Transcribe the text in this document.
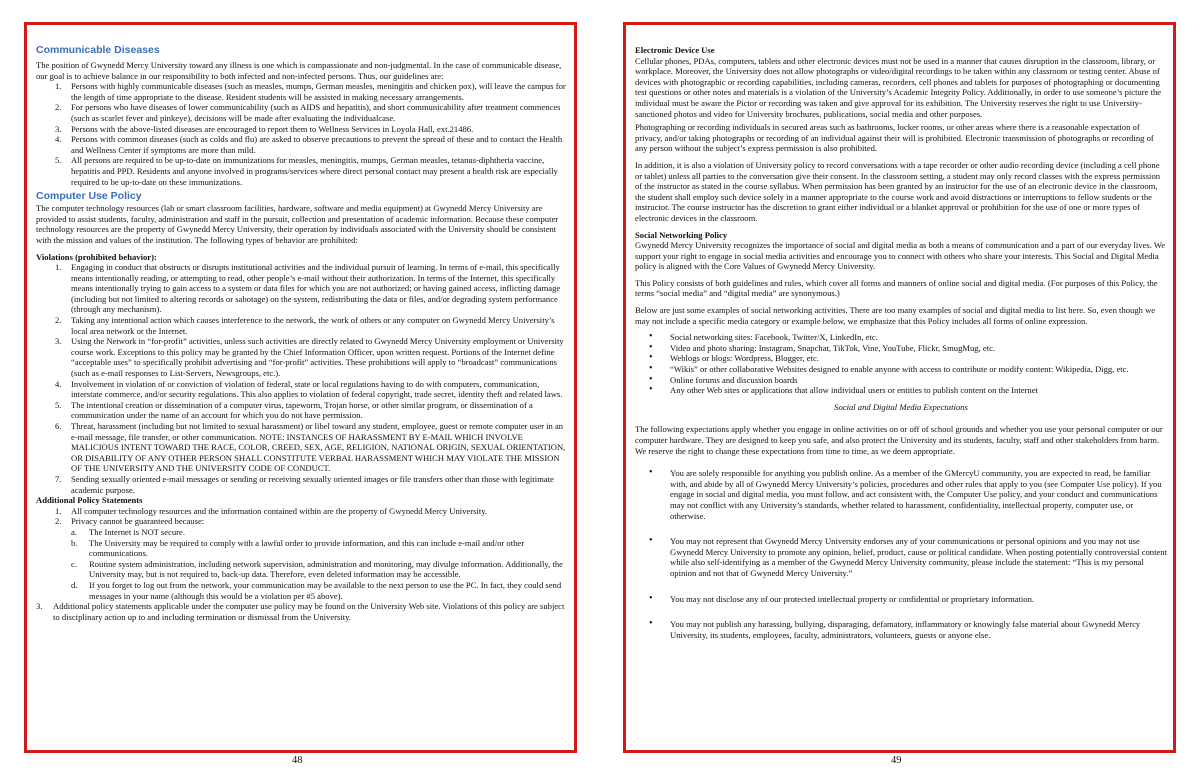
Communicable Diseases

The position of Gwynedd Mercy University toward any illness is one which is compassionate and non-judgmental. In the case of communicable disease, our goal is to achieve balance in our responsibility to both infected and non-infected persons. Thus, our guidelines are:

1. Persons with highly communicable diseases (such as measles, mumps, German measles, meningitis and chicken pox), will leave the campus for the length of time appropriate to the disease. Resident students will be assisted in making necessary arrangements.
2. For persons who have diseases of lower communicability (such as AIDS and hepatitis), and short communicability after treatment commences (such as scarlet fever and pinkeye), decisions will be made after evaluating the individualcase.
3. Persons with the above-listed diseases are encouraged to report them to Wellness Services in Loyola Hall, ext.21486.
4. Persons with common diseases (such as colds and flu) are asked to observe precautions to prevent the spread of these and to contact the Health and Wellness Center if symptoms are more than mild.
5. All persons are required to be up-to-date on immunizations for measles, meningitis, mumps, German measles, tetanus-diphtheria vaccine, hepatitis and PPD. Residents and anyone involved in programs/services where direct personal contact may present a health risk are especially required to be up-to-date on these immunizations.
Computer Use Policy

The computer technology resources (lab or smart classroom facilities, hardware, software and media equipment) at Gwynedd Mercy University are provided to assist students, faculty, administration and staff in the pursuit, collection and presentation of academic information. Because these computer technology resources are the property of Gwynedd Mercy University, their operation by individuals associated with the University should be consistent with the mission and values of the institution. The following types of behavior are prohibited:

Violations (prohibited behavior):
1. Engaging in conduct that obstructs or disrupts institutional activities and the individual pursuit of learning. In terms of e-mail, this specifically means intentionally reading, or attempting to read, other people’s e-mail without their authorization. In terms of the Internet, this specifically means intentionally trying to gain access to a system or data files for which you are not authorized; or having gained access, inflicting damage (including but not limited to altering records or sabotage) on the system, redistributing the data or files, and/or degrading system performance (through any mechanism).
2. Taking any intentional action which causes interference to the network, the work of others or any computer on Gwynedd Mercy University’s local area network or the Internet.
3. Using the Network in “for-profit” activities, unless such activities are directly related to Gwynedd Mercy University employment or University course work. Exceptions to this policy may be granted by the Chief Information Officer, upon written request. Portions of the Internet define “acceptable uses” to specifically prohibit advertising and “for-profit” activities. These prohibitions will apply to “broadcast” communications (such as e-mail responses to List-Servers, Newsgroups, etc.).
4. Involvement in violation of or conviction of violation of federal, state or local regulations having to do with computers, communication, interstate commerce, and/or security regulations. This also applies to violation of federal copyright, trade secret, identity theft and related laws.
5. The intentional creation or dissemination of a computer virus, tapeworm, Trojan horse, or other similar program, or dissemination of a communication under the name of an account for which you do not have permission.
6. Threat, harassment (including but not limited to sexual harassment) or libel toward any student, employee, guest or remote computer user in an e-mail message, file transfer, or other communication. NOTE: INSTANCES OF HARASSMENT BY E-MAIL WHICH INVOLVE MALICIOUS INTENT TOWARD THE RACE, COLOR, CREED, SEX, AGE, RELIGION, NATIONAL ORIGIN, SEXUAL ORIENTATION, OR DISABILITY OF ANY OTHER PERSON SHALL CONSTITUTE VERBAL HARASSMENT WHICH MAY VIOLATE THE MISSION OF THE UNIVERSITY AND THE UNIVERSITY CODE OF CONDUCT.
7. Sending sexually oriented e-mail messages or sending or receiving sexually oriented images or file transfers other than those with legitimate academic purpose.
Additional Policy Statements
1. All computer technology resources and the information contained within are the property of Gwynedd Mercy University.
2. Privacy cannot be guaranteed because:
a. The Internet is NOT secure.
b. The University may be required to comply with a lawful order to provide information, and this can include e-mail and/or other communications.
c. Routine system administration, including network supervision, administration and monitoring, may divulge information. Additionally, the University may, but is not required to, back-up data. Therefore, even deleted information may be accessible.
d. If you forget to log out from the network, your communication may be available to the next person to use the PC. In fact, they could send messages in your name (although this would be a violation per #5 above).
3. Additional policy statements applicable under the computer use policy may be found on the University Web site. Violations of this policy are subject to disciplinary action up to and including termination or dismissal from the University.
48
Electronic Device Use

Cellular phones, PDAs, computers, tablets and other electronic devices must not be used in a manner that causes disruption in the classroom, library, or workplace. Moreover, the University does not allow photographs or video/digital recordings to be taken within any classroom or testing center. Abuse of devices with photographic or recording capabilities, including cameras, recorders, cell phones and tablets for purposes of photographing or documenting test questions or other notes and materials is a violation of the University’s Academic Integrity Policy. Additionally, in order to use someone’s picture the individual must be aware the Pictor or recording was taken and give approval for its exhibition. The University reserves the right to use University-sanctioned photos and video for University brochures, publications, social media and other purposes.

Photographing or recording individuals in secured areas such as bathrooms, locker rooms, or other areas where there is a reasonable expectation of privacy, and/or taking photographs or recording of an individual against their will is prohibited. Electronic transmission of photographs or recording of any person without the subject’s express permission is also prohibited.

In addition, it is also a violation of University policy to record conversations with a tape recorder or other audio recording device (including a cell phone or tablet) unless all parties to the conversation give their consent. In the classroom setting, a student may only record classes with the express permission of the instructor as stated in the course syllabus. When permission has been granted by an instructor for the use of an electronic device in the classroom, the student shall employ such device solely in a manner appropriate to the course work and avoid distractions or interruptions to fellow students or the instructor. The course instructor has the discretion to grant either individual or a blanket approval or prohibition for the use of one or more types of electronic devices in the classroom.

Social Networking Policy

Gwynedd Mercy University recognizes the importance of social and digital media as both a means of communication and a part of our everyday lives. We support your right to engage in social media activities and encourage you to connect with others who share your interests. This Social and Digital Media policy is aligned with the Core Values of Gwynedd Mercy University.

This Policy consists of both guidelines and rules, which cover all forms and manners of online social and digital media. (For purposes of this Policy, the terms “social media” and “digital media” are synonymous.)

Below are just some examples of social networking activities. There are too many examples of social and digital media to list here. So, even though we may not include a specific media category or example below, we emphasize that this Policy includes all forms of online expression.

• Social networking sites: Facebook, Twitter/X, LinkedIn, etc.
• Video and photo sharing: Instagram, Snapchat, TikTok, Vine, YouTube, Flickr, SmugMug, etc.
• Weblogs or blogs: Wordpress, Blogger, etc.
• “Wikis” or other collaborative Websites designed to enable anyone with access to contribute or modify content: Wikipedia, Digg, etc.
• Online forums and discussion boards
• Any other Web sites or applications that allow individual users or entities to publish content on the Internet
Social and Digital Media Expectations

The following expectations apply whether you engage in online activities on or off of school grounds and whether you use your personal computer or our computer hardware. They are designed to keep you safe, and also protect the University and its students, faculty, staff and other stakeholders from harm. We reserve the right to change these expectations from time to time, as we deem appropriate.

• You are solely responsible for anything you publish online. As a member of the GMercyU community, you are expected to read, be familiar with, and abide by all of Gwynedd Mercy University’s policies, procedures and other rules that apply to you (see Computer Use policy). If you engage in social and digital media, you must follow, and act consistent with, the Computer Use policy, and your conduct and communications may not conflict with any University’s standards, whether related to harassment, confidentiality, intellectual property, computer use, or otherwise.
• You may not represent that Gwynedd Mercy University endorses any of your communications or personal opinions and you may not use Gwynedd Mercy University to promote any opinion, belief, product, cause or political candidate. When posting potentially controversial content while also self-identifying as a member of the Gwynedd Mercy University community, please include the statement: “This is my personal opinion and not that of Gwynedd Mercy University.”
• You may not disclose any of our protected intellectual property or confidential or proprietary information.
• You may not publish any harassing, bullying, disparaging, defamatory, inflammatory or knowingly false material about Gwynedd Mercy University, its students, employees, faculty, administrators, volunteers, guests or anyone else.
49
